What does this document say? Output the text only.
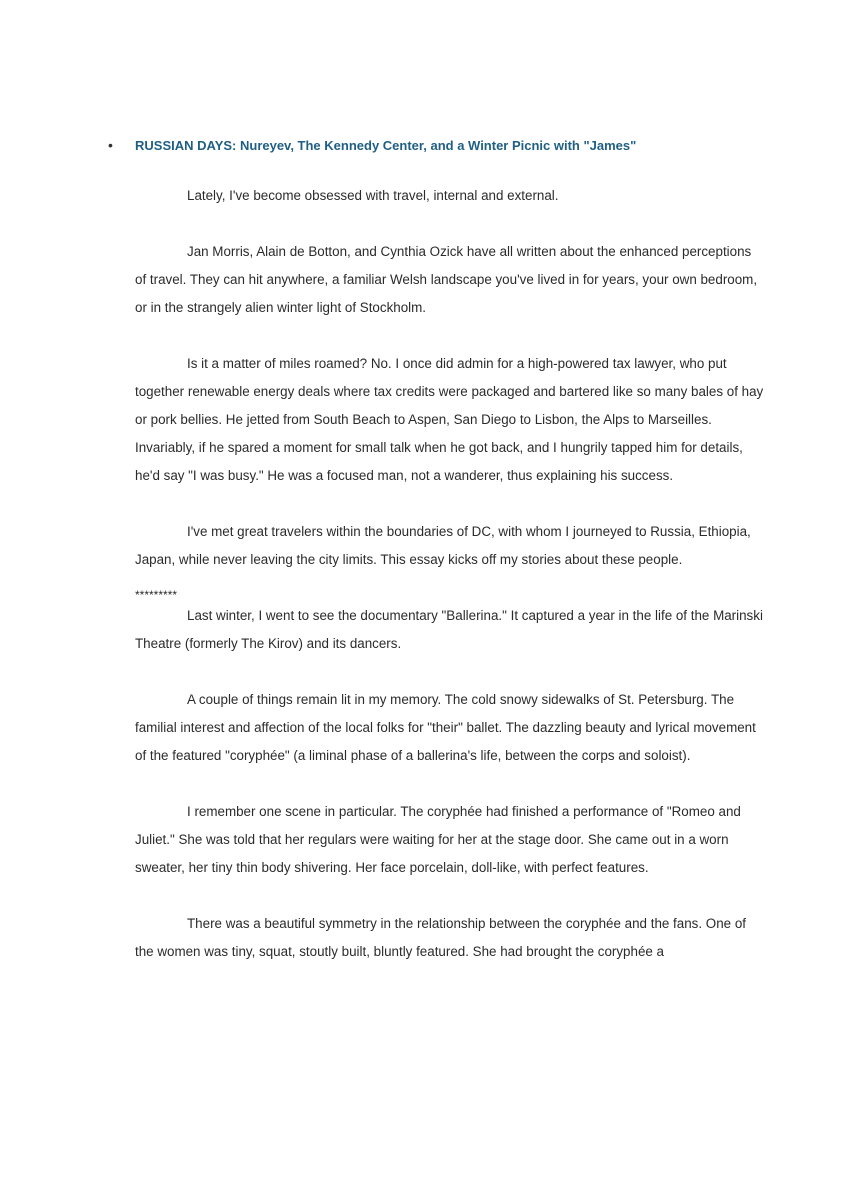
• RUSSIAN DAYS: Nureyev, The Kennedy Center, and a Winter Picnic with "James"

Lately, I've become obsessed with travel, internal and external.

Jan Morris, Alain de Botton, and Cynthia Ozick have all written about the enhanced perceptions of travel. They can hit anywhere, a familiar Welsh landscape you've lived in for years, your own bedroom, or in the strangely alien winter light of Stockholm.

Is it a matter of miles roamed? No. I once did admin for a high-powered tax lawyer, who put together renewable energy deals where tax credits were packaged and bartered like so many bales of hay or pork bellies. He jetted from South Beach to Aspen, San Diego to Lisbon, the Alps to Marseilles. Invariably, if he spared a moment for small talk when he got back, and I hungrily tapped him for details, he'd say "I was busy." He was a focused man, not a wanderer, thus explaining his success.

I've met great travelers within the boundaries of DC, with whom I journeyed to Russia, Ethiopia, Japan, while never leaving the city limits. This essay kicks off my stories about these people.

*********

Last winter, I went to see the documentary "Ballerina." It captured a year in the life of the Marinski Theatre (formerly The Kirov) and its dancers.

A couple of things remain lit in my memory. The cold snowy sidewalks of St. Petersburg. The familial interest and affection of the local folks for "their" ballet. The dazzling beauty and lyrical movement of the featured "coryphée" (a liminal phase of a ballerina's life, between the corps and soloist).

I remember one scene in particular. The coryphée had finished a performance of "Romeo and Juliet." She was told that her regulars were waiting for her at the stage door. She came out in a worn sweater, her tiny thin body shivering. Her face porcelain, doll-like, with perfect features.

There was a beautiful symmetry in the relationship between the coryphée and the fans. One of the women was tiny, squat, stoutly built, bluntly featured. She had brought the coryphée a
